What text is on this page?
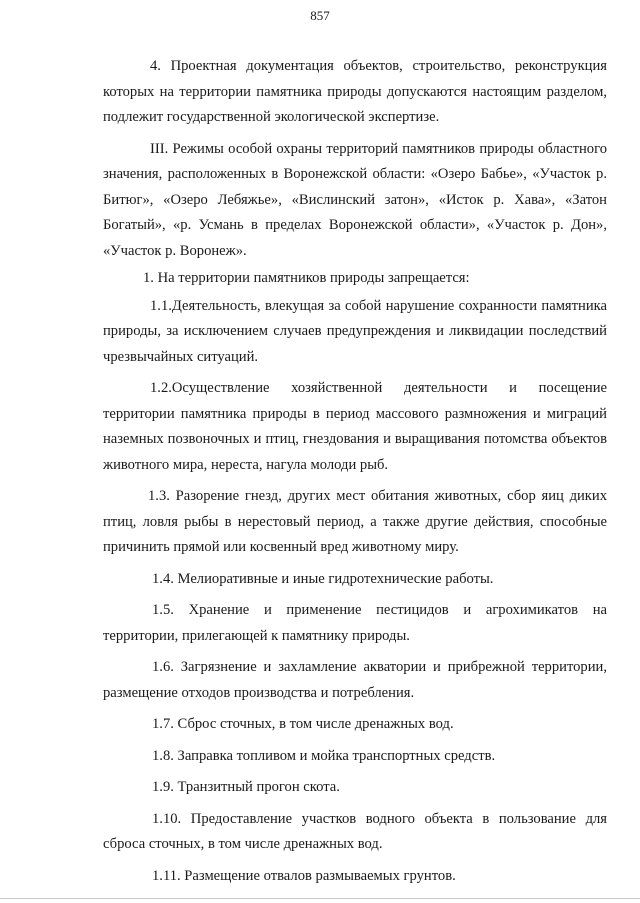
857

4. Проектная документация объектов, строительство, реконструкция которых на территории памятника природы допускаются настоящим разделом, подлежит государственной экологической экспертизе.

III. Режимы особой охраны территорий памятников природы областного значения, расположенных в Воронежской области: «Озеро Бабье», «Участок р. Битюг», «Озеро Лебяжье», «Вислинский затон», «Исток р. Хава», «Затон Богатый», «р. Усмань в пределах Воронежской области», «Участок р. Дон», «Участок р. Воронеж».

1. На территории памятников природы запрещается:

1.1.Деятельность, влекущая за собой нарушение сохранности памятника природы, за исключением случаев предупреждения и ликвидации последствий чрезвычайных ситуаций.

1.2.Осуществление хозяйственной деятельности и посещение территории памятника природы в период массового размножения и миграций наземных позвоночных и птиц, гнездования и выращивания потомства объектов животного мира, нереста, нагула молоди рыб.

1.3. Разорение гнезд, других мест обитания животных, сбор яиц диких птиц, ловля рыбы в нерестовый период, а также другие действия, способные причинить прямой или косвенный вред животному миру.

1.4. Мелиоративные и иные гидротехнические работы.

1.5. Хранение и применение пестицидов и агрохимикатов на территории, прилегающей к памятнику природы.

1.6. Загрязнение и захламление акватории и прибрежной территории, размещение отходов производства и потребления.

1.7. Сброс сточных, в том числе дренажных вод.

1.8. Заправка топливом и мойка транспортных средств.

1.9. Транзитный прогон скота.

1.10. Предоставление участков водного объекта в пользование для сброса сточных, в том числе дренажных вод.

1.11. Размещение отвалов размываемых грунтов.
